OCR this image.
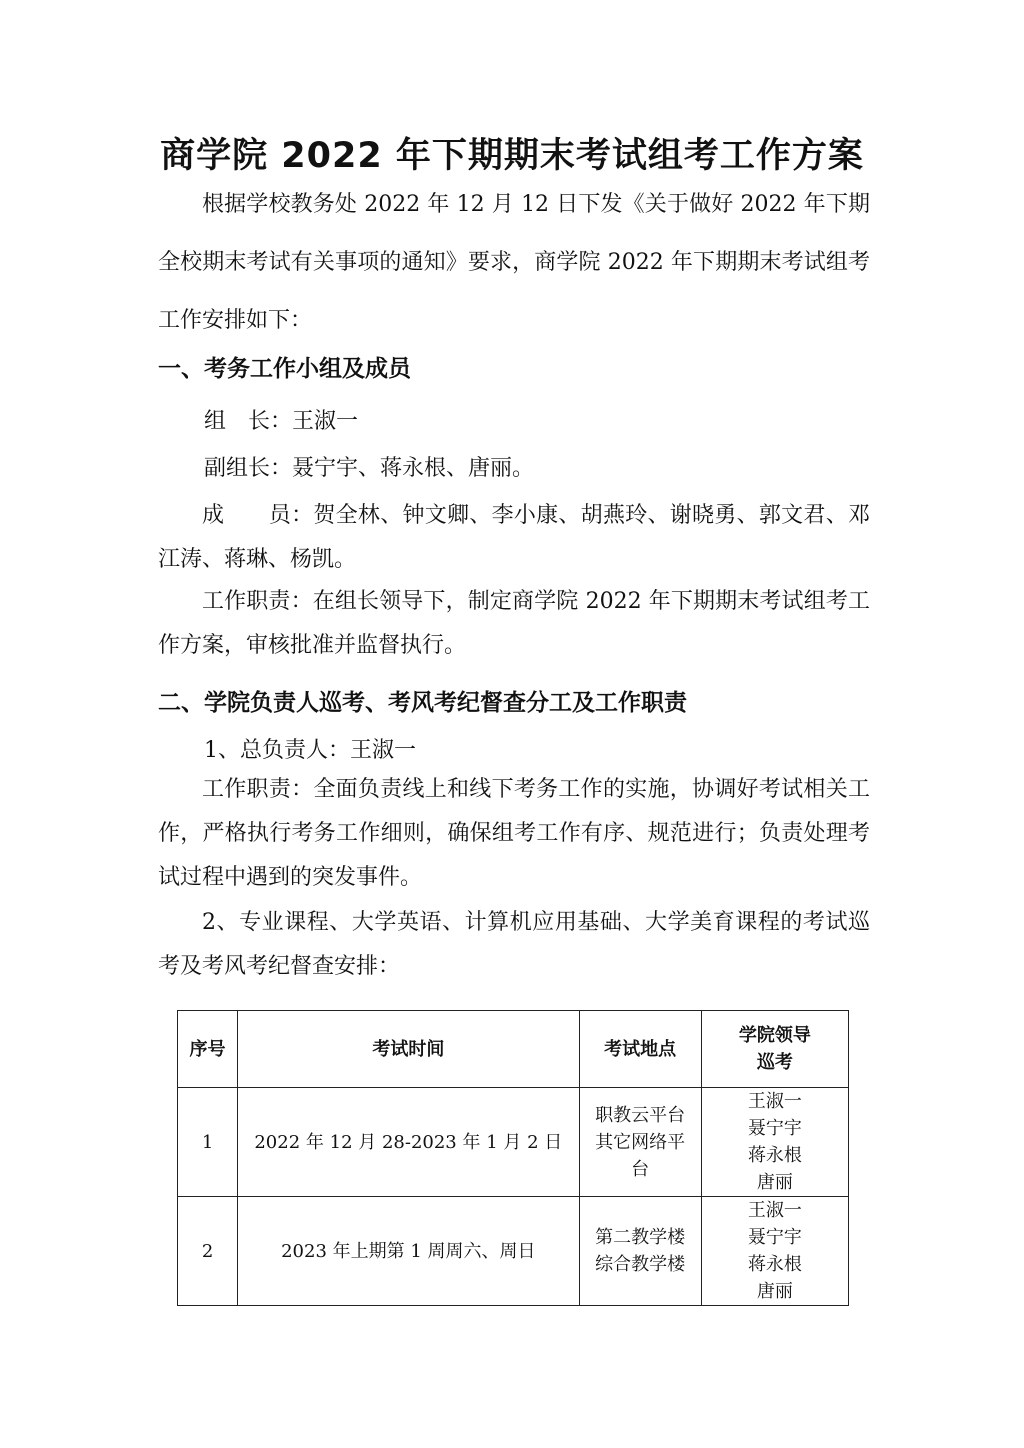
商学院 2022 年下期期末考试组考工作方案
根据学校教务处 2022 年 12 月 12 日下发《关于做好 2022 年下期全校期末考试有关事项的通知》要求，商学院 2022 年下期期末考试组考工作安排如下：
一、考务工作小组及成员
组　长：王淑一
副组长：聂宁宇、蒋永根、唐丽。
成　　员：贺全林、钟文卿、李小康、胡燕玲、谢晓勇、郭文君、邓江涛、蒋琳、杨凯。
工作职责：在组长领导下，制定商学院 2022 年下期期末考试组考工作方案，审核批准并监督执行。
二、学院负责人巡考、考风考纪督查分工及工作职责
1、总负责人：王淑一
工作职责：全面负责线上和线下考务工作的实施，协调好考试相关工作，严格执行考务工作细则，确保组考工作有序、规范进行；负责处理考试过程中遇到的突发事件。
2、专业课程、大学英语、计算机应用基础、大学美育课程的考试巡考及考风考纪督查安排：
序号	考试时间	考试地点	学院领导
巡考

1	2022 年 12 月 28-2023 年 1 月 2 日	职教云平台
其它网络平
台	王淑一
聂宁宇
蒋永根
唐丽

2	2023 年上期第 1 周周六、周日	第二教学楼
综合教学楼	王淑一
聂宁宇
蒋永根
唐丽
